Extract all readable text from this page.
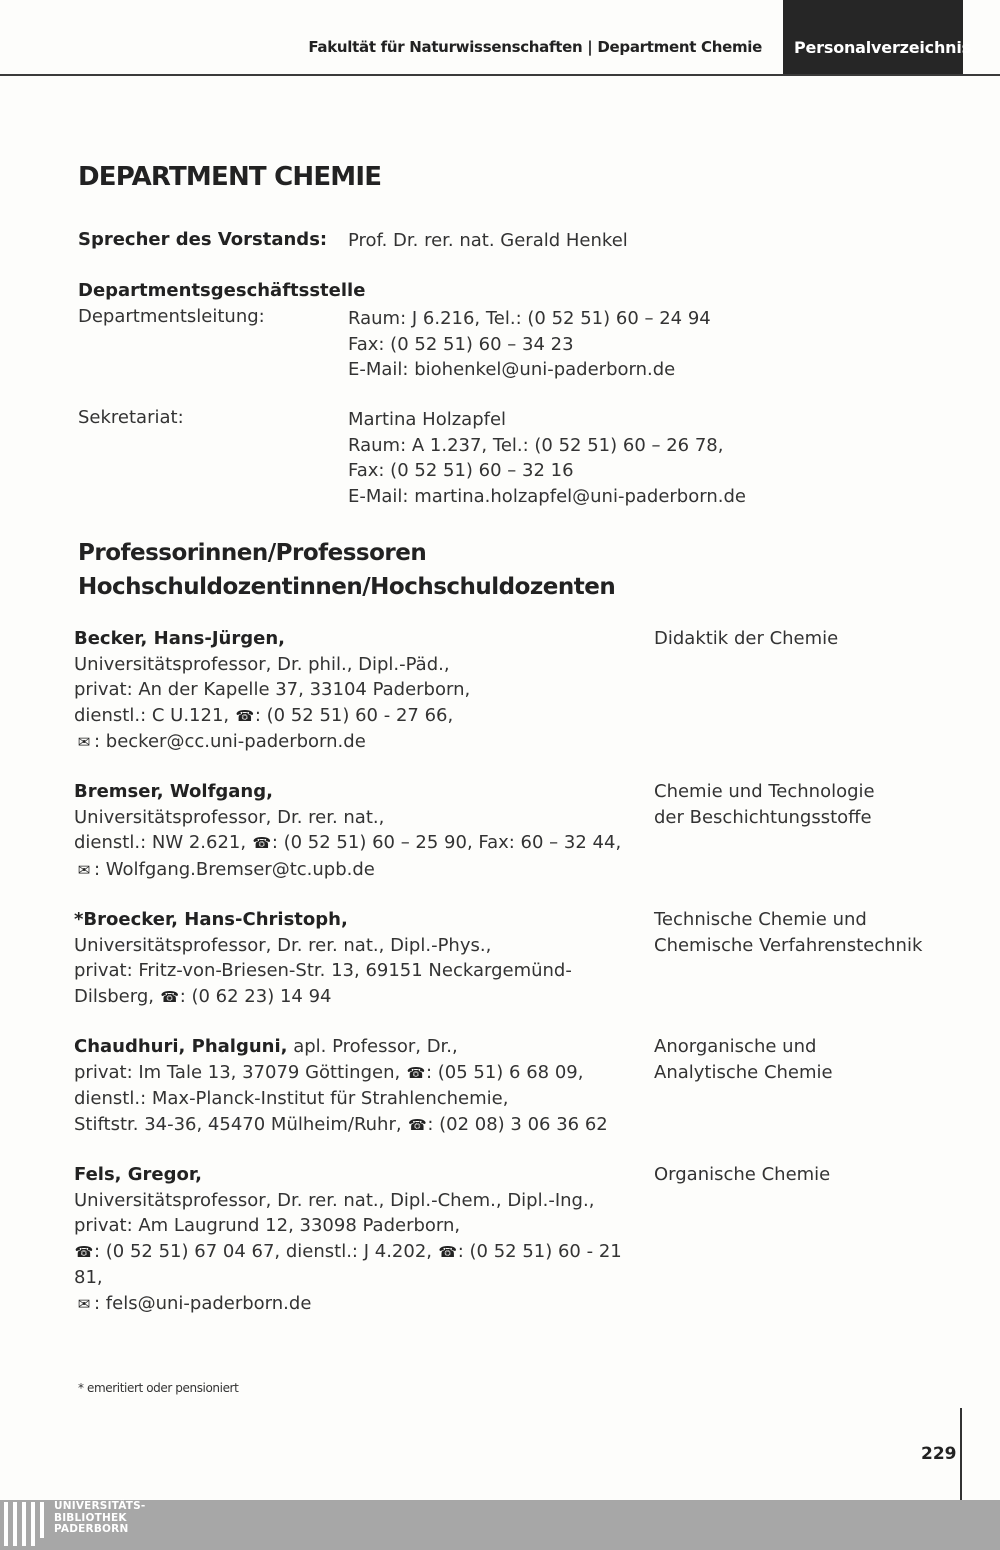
Fakultät für Naturwissenschaften | Department Chemie Personalverzeichnis
DEPARTMENT CHEMIE
Sprecher des Vorstands: Prof. Dr. rer. nat. Gerald Henkel
Departmentsgeschäftsstelle
Departmentsleitung:	Raum: J 6.216, Tel.: (0 52 51) 60 – 24 94
Fax: (0 52 51) 60 – 34 23
E-Mail: biohenkel@uni-paderborn.de
Sekretariat:	Martina Holzapfel
Raum: A 1.237, Tel.: (0 52 51) 60 – 26 78,
Fax: (0 52 51) 60 – 32 16
E-Mail: martina.holzapfel@uni-paderborn.de
Professorinnen/Professoren
Hochschuldozentinnen/Hochschuldozenten
Becker, Hans-Jürgen,
Universitätsprofessor, Dr. phil., Dipl.-Päd.,
privat: An der Kapelle 37, 33104 Paderborn,
dienstl.: C U.121, ☎: (0 52 51) 60 - 27 66,
✉ : becker@cc.uni-paderborn.de
Didaktik der Chemie
Bremser, Wolfgang,
Universitätsprofessor, Dr. rer. nat.,
dienstl.: NW 2.621, ☎: (0 52 51) 60 – 25 90, Fax: 60 – 32 44,
✉ : Wolfgang.Bremser@tc.upb.de
Chemie und Technologie
der Beschichtungsstoffe
*Broecker, Hans-Christoph,
Universitätsprofessor, Dr. rer. nat., Dipl.-Phys.,
privat: Fritz-von-Briesen-Str. 13, 69151 Neckargemünd-
Dilsberg, ☎: (0 62 23) 14 94
Technische Chemie und
Chemische Verfahrenstechnik
Chaudhuri, Phalguni, apl. Professor, Dr.,
privat: Im Tale 13, 37079 Göttingen, ☎: (05 51) 6 68 09,
dienstl.: Max-Planck-Institut für Strahlenchemie,
Stiftstr. 34-36, 45470 Mülheim/Ruhr, ☎: (02 08) 3 06 36 62
Anorganische und
Analytische Chemie
Fels, Gregor,
Universitätsprofessor, Dr. rer. nat., Dipl.-Chem., Dipl.-Ing.,
privat: Am Laugrund 12, 33098 Paderborn,
☎: (0 52 51) 67 04 67, dienstl.: J 4.202, ☎: (0 52 51) 60 - 21 81,
✉ : fels@uni-paderborn.de
Organische Chemie
* emeritiert oder pensioniert
229
UNIVERSITÄTS-
BIBLIOTHEK
PADERBORN
